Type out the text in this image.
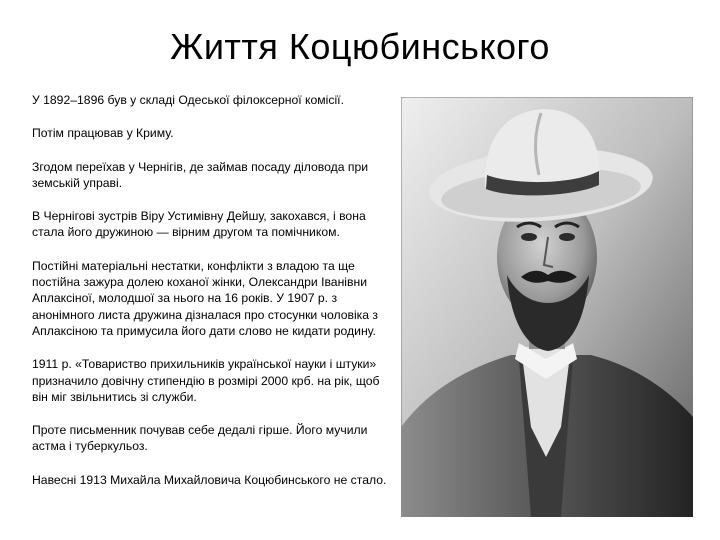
Життя Коцюбинського

У 1892–1896 був у складі Одеської філоксерної комісії.

Потім працював у Криму.

Згодом переїхав у Чернігів, де займав посаду діловода при земській управі.

В Чернігові зустрів Віру Устимівну Дейшу, закохався, і вона стала його дружиною — вірним другом та помічником.

Постійні матеріальні нестатки, конфлікти з владою та ще постійна зажура долею коханої жінки, Олександри Іванівни Аплаксіної, молодшої за нього на 16 років. У 1907 р. з анонімного листа дружина дізналася про стосунки чоловіка з Аплаксіною та примусила його дати слово не кидати родину.

1911 р. «Товариство прихильників української науки і штуки» призначило довічну стипендію в розмірі 2000 крб. на рік, щоб він міг звільнитись зі служби.

Проте письменник почував себе дедалі гірше. Його мучили астма і туберкульоз.

Навесні 1913 Михайла Михайловича Коцюбинського не стало.
